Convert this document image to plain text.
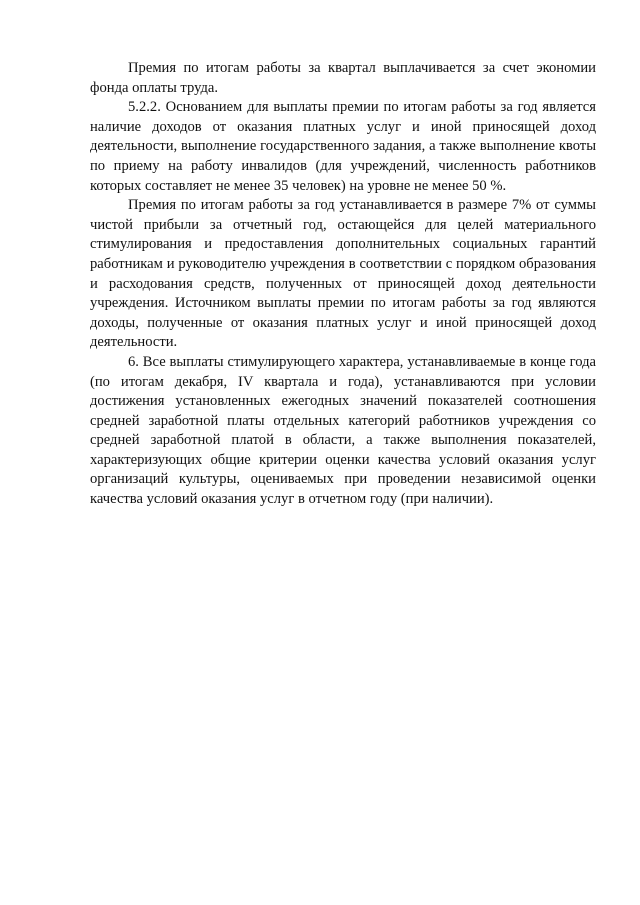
Премия по итогам работы за квартал выплачивается за счет экономии фонда оплаты труда.

5.2.2. Основанием для выплаты премии по итогам работы за год является наличие доходов от оказания платных услуг и иной приносящей доход деятельности, выполнение государственного задания, а также выполнение квоты по приему на работу инвалидов (для учреждений, численность работников которых составляет не менее 35 человек) на уровне не менее 50 %.

Премия по итогам работы за год устанавливается в размере 7% от суммы чистой прибыли за отчетный год, остающейся для целей материального стимулирования и предоставления дополнительных социальных гарантий работникам и руководителю учреждения в соответствии с порядком образования и расходования средств, полученных от приносящей доход деятельности учреждения. Источником выплаты премии по итогам работы за год являются доходы, полученные от оказания платных услуг и иной приносящей доход деятельности.

6. Все выплаты стимулирующего характера, устанавливаемые в конце года (по итогам декабря, IV квартала и года), устанавливаются при условии достижения установленных ежегодных значений показателей соотношения средней заработной платы отдельных категорий работников учреждения со средней заработной платой в области, а также выполнения показателей, характеризующих общие критерии оценки качества условий оказания услуг организаций культуры, оцениваемых при проведении независимой оценки качества условий оказания услуг в отчетном году (при наличии).
